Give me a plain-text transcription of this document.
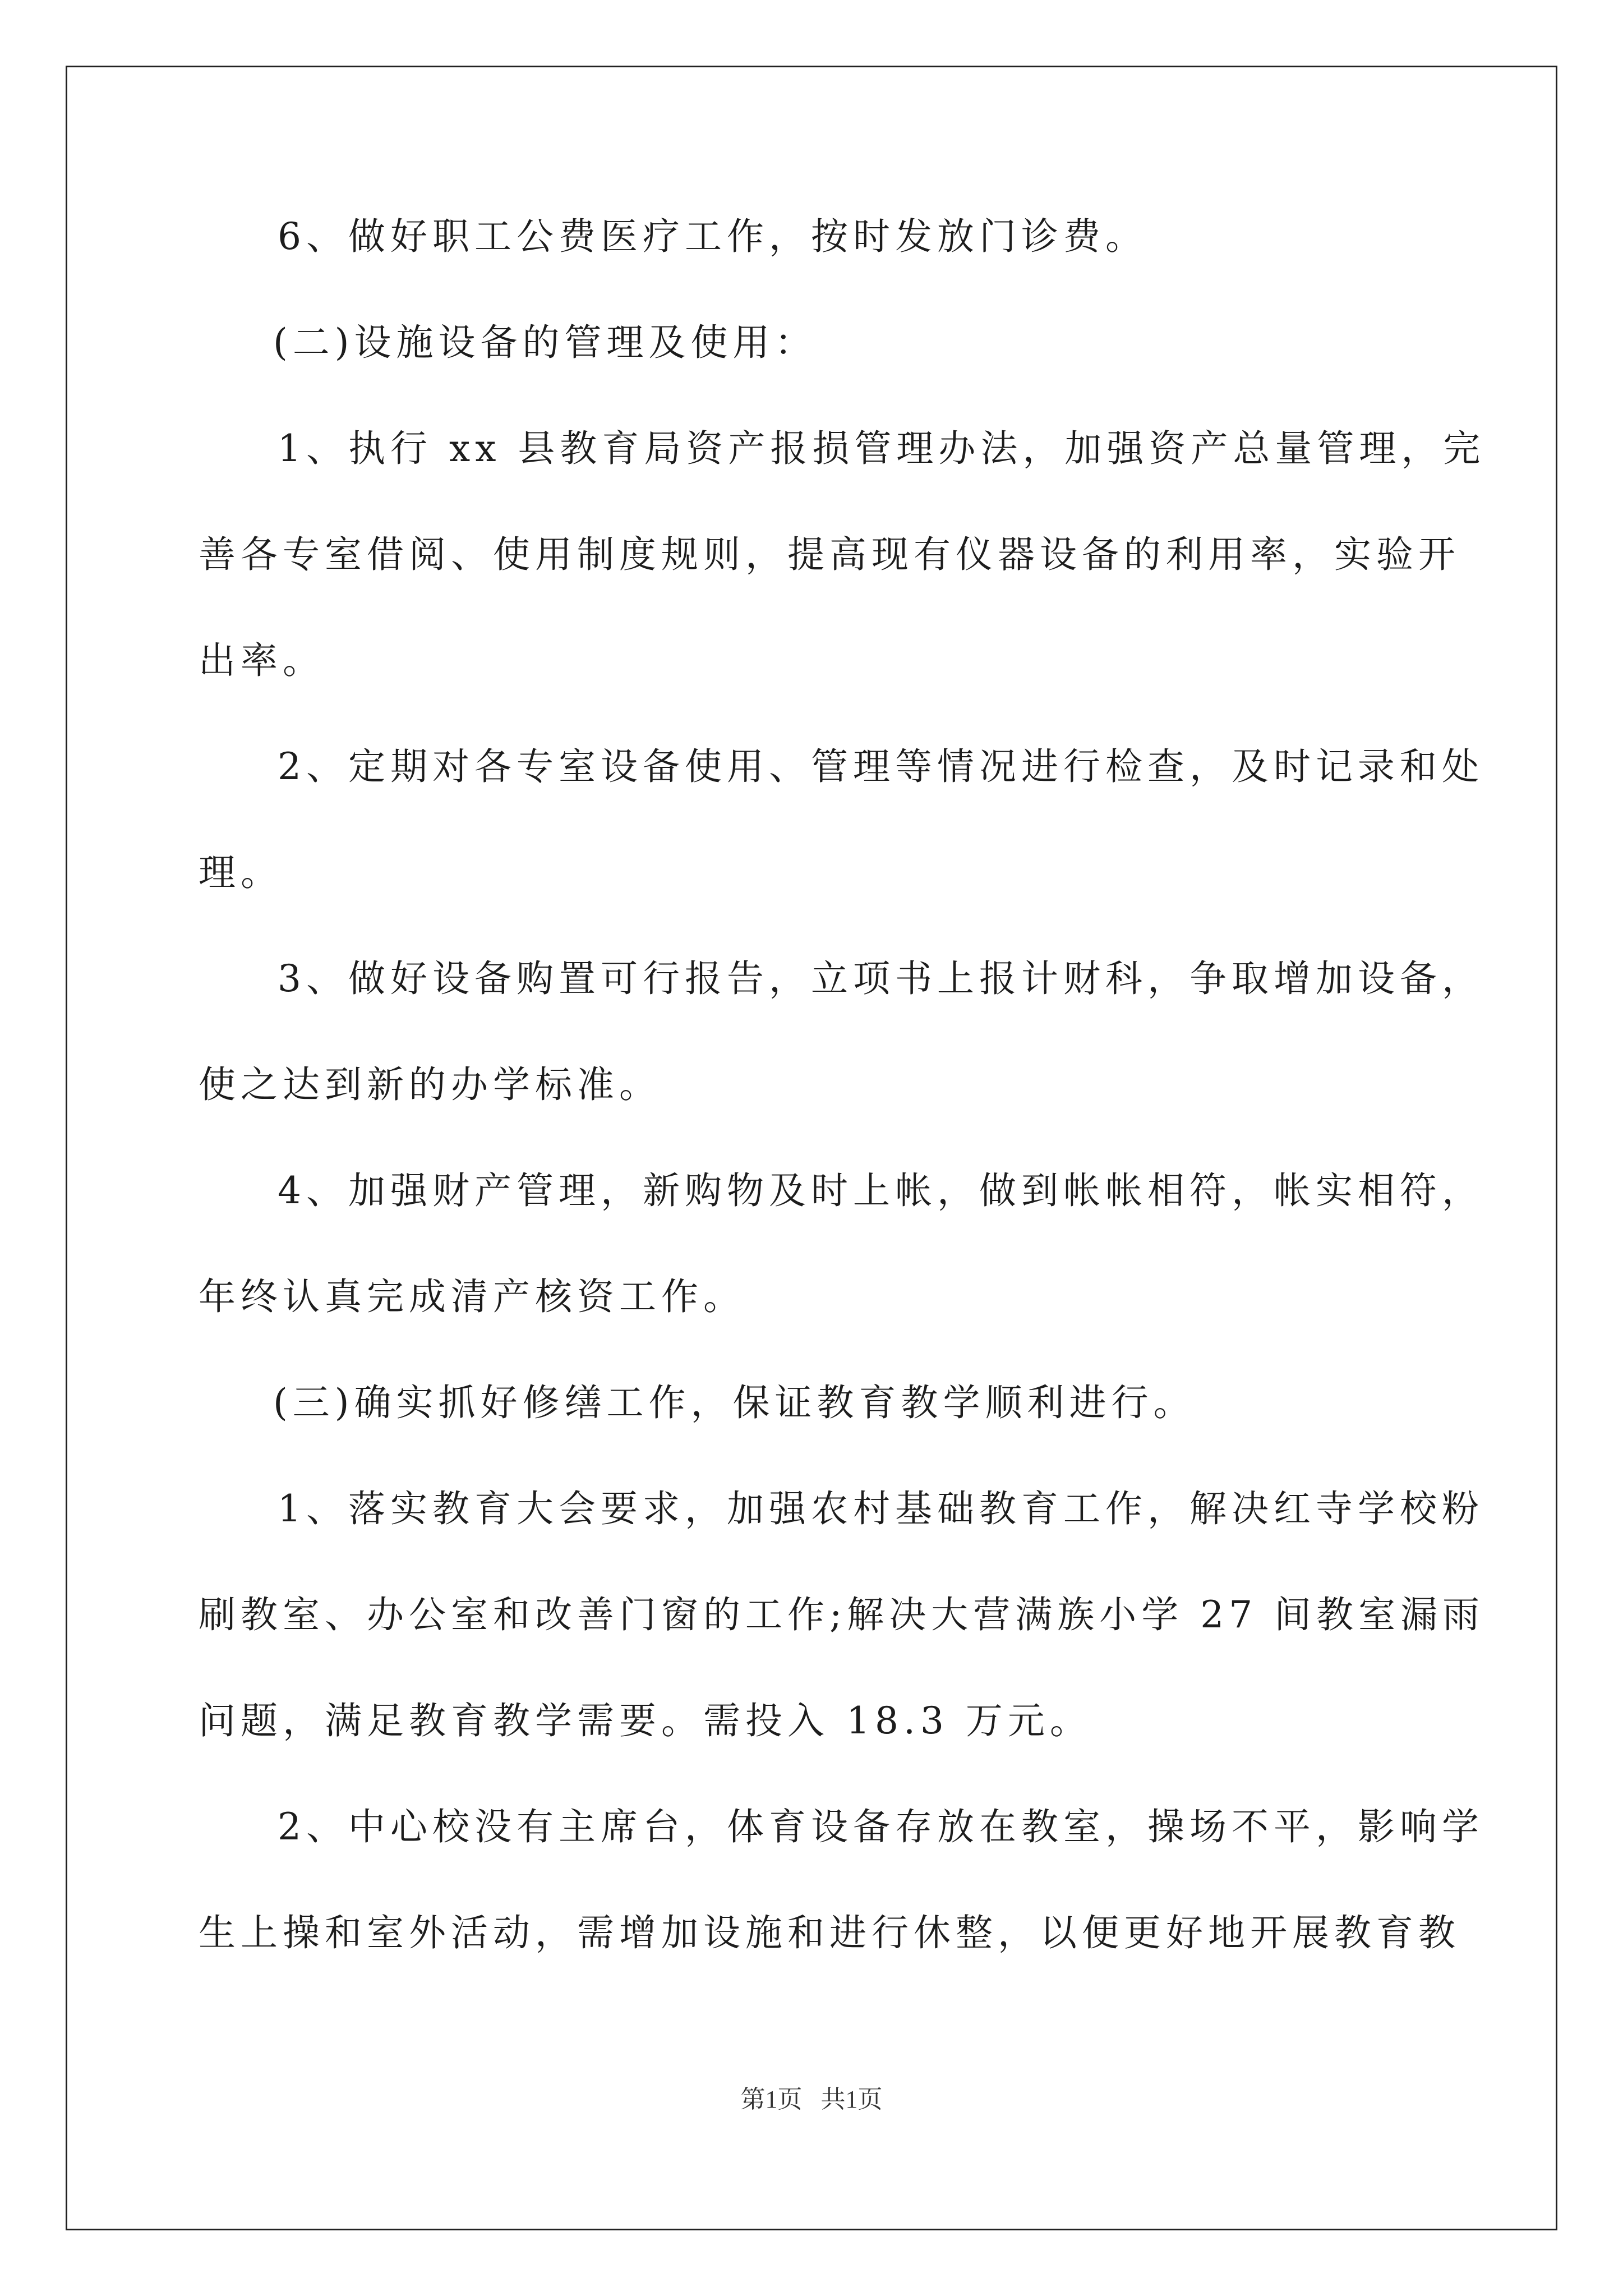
6、做好职工公费医疗工作，按时发放门诊费。
(二)设施设备的管理及使用：
1、执行 xx 县教育局资产报损管理办法，加强资产总量管理，完
善各专室借阅、使用制度规则，提高现有仪器设备的利用率，实验开
出率。
2、定期对各专室设备使用、管理等情况进行检查，及时记录和处
理。
3、做好设备购置可行报告，立项书上报计财科，争取增加设备，
使之达到新的办学标准。
4、加强财产管理，新购物及时上帐，做到帐帐相符，帐实相符，
年终认真完成清产核资工作。
(三)确实抓好修缮工作，保证教育教学顺利进行。
1、落实教育大会要求，加强农村基础教育工作，解决红寺学校粉
刷教室、办公室和改善门窗的工作;解决大营满族小学 27 间教室漏雨
问题，满足教育教学需要。需投入 18.3 万元。
2、中心校没有主席台，体育设备存放在教室，操场不平，影响学
生上操和室外活动，需增加设施和进行休整，以便更好地开展教育教
第1页   共1页
